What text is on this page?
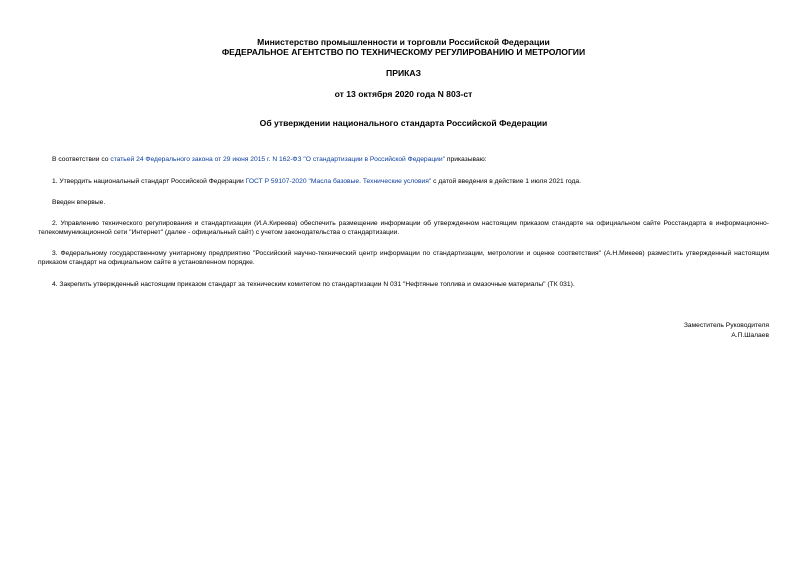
Министерство промышленности и торговли Российской Федерации
ФЕДЕРАЛЬНОЕ АГЕНТСТВО ПО ТЕХНИЧЕСКОМУ РЕГУЛИРОВАНИЮ И МЕТРОЛОГИИ
ПРИКАЗ
от 13 октября 2020 года N 803-ст
Об утверждении национального стандарта Российской Федерации
В соответствии со статьей 24 Федерального закона от 29 июня 2015 г. N 162-ФЗ "О стандартизации в Российской Федерации" приказываю:
1. Утвердить национальный стандарт Российской Федерации ГОСТ Р 59107-2020 "Масла базовые. Технические условия" с датой введения в действие 1 июля 2021 года.
Введен впервые.
2. Управлению технического регулирования и стандартизации (И.А.Киреева) обеспечить размещение информации об утвержденном настоящим приказом стандарте на официальном сайте Росстандарта в информационно-телекоммуникационной сети "Интернет" (далее - официальный сайт) с учетом законодательства о стандартизации.
3. Федеральному государственному унитарному предприятию "Российский научно-технический центр информации по стандартизации, метрологии и оценке соответствия" (А.Н.Микеев) разместить утвержденный настоящим приказом стандарт на официальном сайте в установленном порядке.
4. Закрепить утвержденный настоящим приказом стандарт за техническим комитетом по стандартизации N 031 "Нефтяные топлива и смазочные материалы" (ТК 031).
Заместитель Руководителя
А.П.Шалаев
